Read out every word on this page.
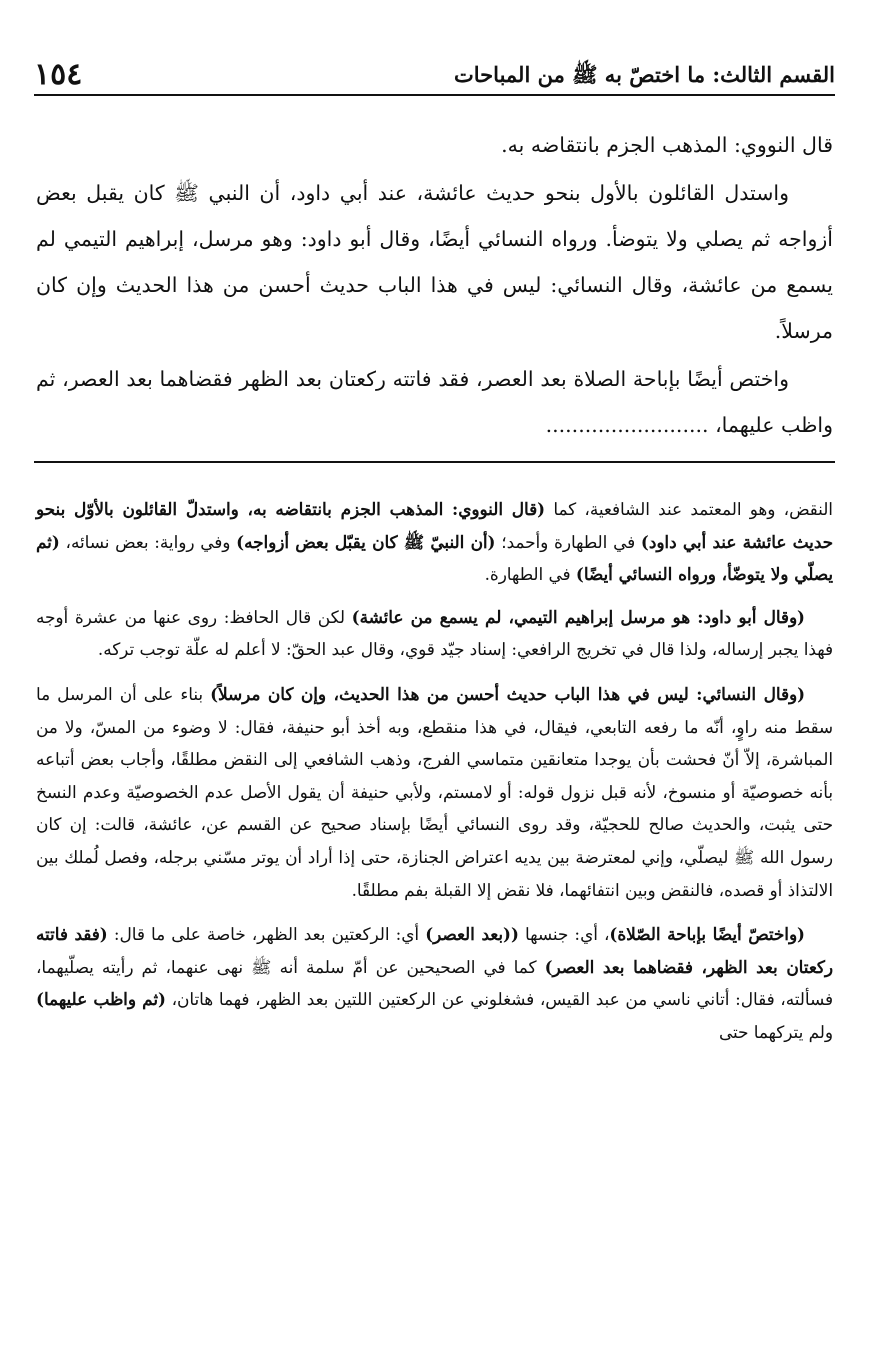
القسم الثالث: ما اختصّ به ﷺ من المباحات
١٥٤

قال النووي: المذهب الجزم بانتقاضه به.

واستدل القائلون بالأول بنحو حديث عائشة، عند أبي داود، أن النبي ﷺ كان يقبل بعض أزواجه ثم يصلي ولا يتوضأ. ورواه النسائي أيضًا، وقال أبو داود: وهو مرسل، إبراهيم التيمي لم يسمع من عائشة، وقال النسائي: ليس في هذا الباب حديث أحسن من هذا الحديث وإن كان مرسلاً.

واختص أيضًا بإباحة الصلاة بعد العصر، فقد فاتته ركعتان بعد الظهر فقضاهما بعد العصر، ثم واظب عليهما، .........................

النقض، وهو المعتمد عند الشافعية، كما (قال النووي: المذهب الجزم بانتقاضه به، واستدلّ القائلون بالأوّل بنحو حديث عائشة عند أبي داود) في الطهارة وأحمد؛ (أن النبيّ ﷺ كان يقبّل بعض أزواجه) وفي رواية: بعض نسائه، (ثم يصلّي ولا يتوضّأ، ورواه النسائي أيضًا) في الطهارة.

(وقال أبو داود: هو مرسل إبراهيم التيمي، لم يسمع من عائشة) لكن قال الحافظ: روى عنها من عشرة أوجه فهذا يجبر إرساله، ولذا قال في تخريج الرافعي: إسناد جيّد قوي، وقال عبد الحقّ: لا أعلم له علّة توجب تركه.

(وقال النسائي: ليس في هذا الباب حديث أحسن من هذا الحديث، وإن كان مرسلاً) بناء على أن المرسل ما سقط منه راوٍ، أنّه ما رفعه التابعي، فيقال، في هذا منقطع، وبه أخذ أبو حنيفة، فقال: لا وضوء من المسّ، ولا من المباشرة، إلاّ أنّ فحشت بأن يوجدا متعانقين متماسي الفرج، وذهب الشافعي إلى النقض مطلقًا، وأجاب بعض أتباعه بأنه خصوصيّة أو منسوخ، لأنه قبل نزول قوله: أو لامستم، ولأبي حنيفة أن يقول الأصل عدم الخصوصيّة وعدم النسخ حتى يثبت، والحديث صالح للحجيّة، وقد روى النسائي أيضًا بإسناد صحيح عن القسم عن، عائشة، قالت: إن كان رسول الله ﷺ ليصلّي، وإني لمعترضة بين يديه اعتراض الجنازة، حتى إذا أراد أن يوتر مسّني برجله، وفصل لُملك بين الالتذاذ أو قصده، فالنقض وبين انتفائهما، فلا نقض إلا القبلة بفم مطلقًا.

(واختصّ أيضًا بإباحة الصّلاة)، أي: جنسها ((بعد العصر) أي: الركعتين بعد الظهر، خاصة على ما قال: (فقد فاتته ركعتان بعد الظهر، فقضاهما بعد العصر) كما في الصحيحين عن أمّ سلمة أنه ﷺ نهى عنهما، ثم رأيته يصلّيهما، فسألته، فقال: أتاني ناسي من عبد القيس، فشغلوني عن الركعتين اللتين بعد الظهر، فهما هاتان، (ثم واظب عليهما) ولم يتركهما حتى
